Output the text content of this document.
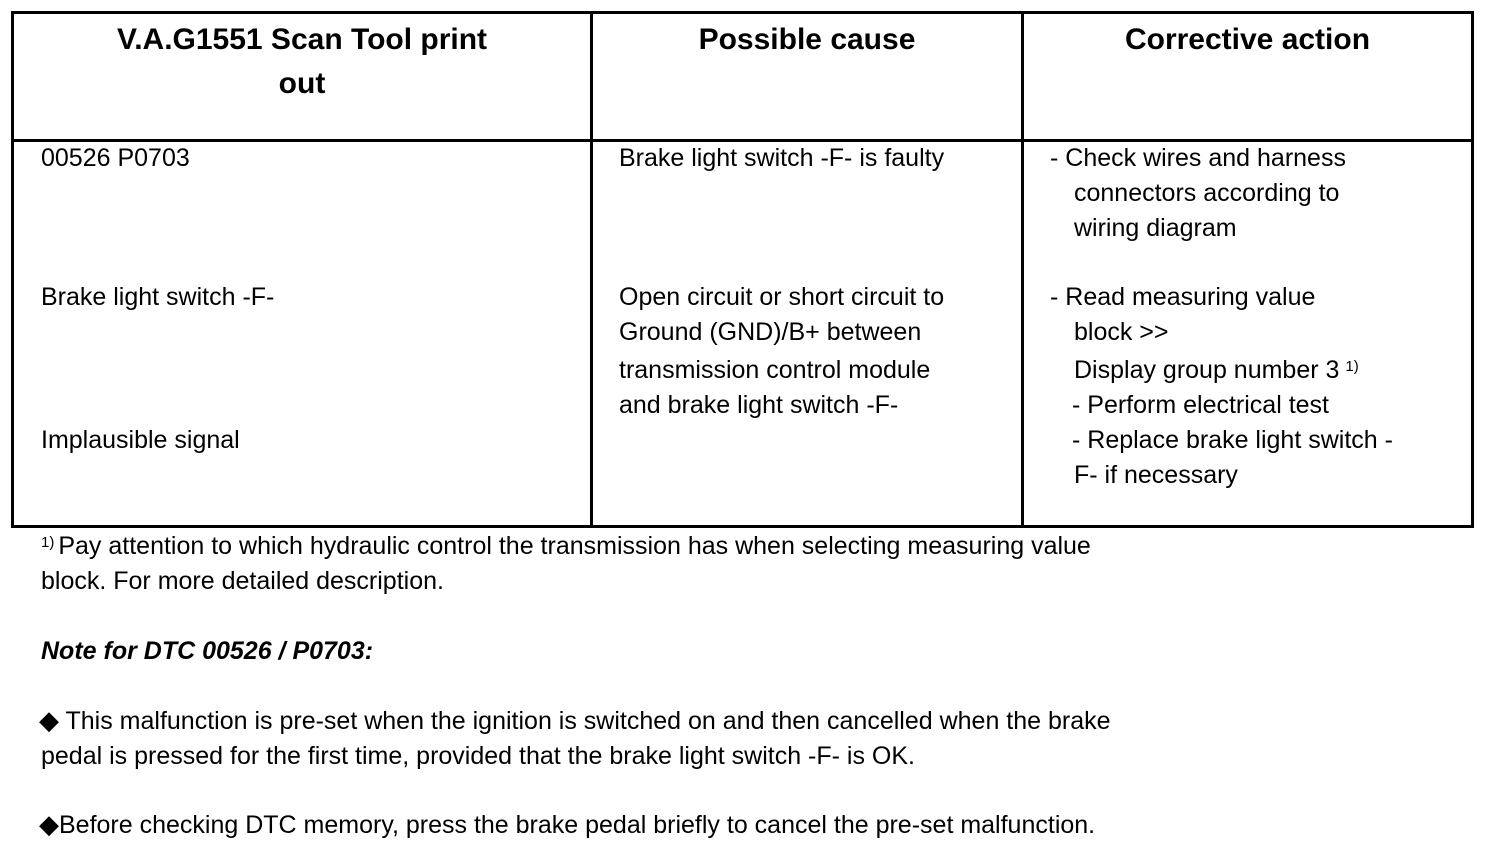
V.A.G1551 Scan Tool print
out
Possible cause	Corrective action
00526 P0703
Brake light switch -F-
Implausible signal
Brake light switch -F- is faulty
Open circuit or short circuit to
Ground (GND)/B+ between
transmission control module
and brake light switch -F-
- Check wires and harness
connectors according to
wiring diagram
- Read measuring value
block >>
Display group number 3 $^{1)}$
- Perform electrical test
- Replace brake light switch -
F- if necessary
$^{1)}$ Pay attention to which hydraulic control the transmission has when selecting measuring value
block. For more detailed description.
Note for DTC 00526 / P0703:
◆ This malfunction is pre-set when the ignition is switched on and then cancelled when the brake
pedal is pressed for the first time, provided that the brake light switch -F- is OK.
◆Before checking DTC memory, press the brake pedal briefly to cancel the pre-set malfunction.
